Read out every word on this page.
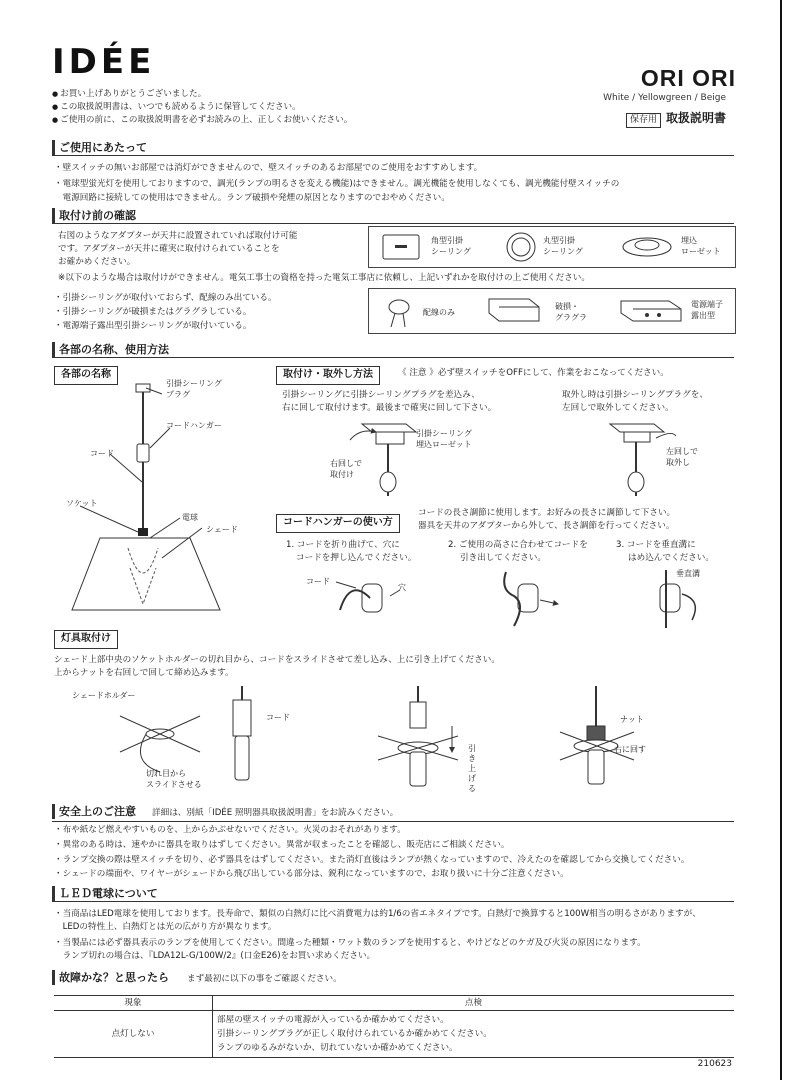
IDÉE	ORI ORI
White / Yellowgreen / Beige
保存用 取扱説明書
● お買い上げありがとうございました。
● この取扱説明書は、いつでも読めるように保管してください。
● ご使用の前に、この取扱説明書を必ずお読みの上、正しくお使いください。
ご使用にあたって
・壁スイッチの無いお部屋では消灯ができませんので、壁スイッチのあるお部屋でのご使用をおすすめします。
・電球型蛍光灯を使用しておりますので、調光(ランプの明るさを変える機能)はできません。調光機能を使用しなくても、調光機能付壁スイッチの
　電源回路に接続しての使用はできません。ランプ破損や発煙の原因となりますのでおやめください。
取付け前の確認
右図のようなアダプターが天井に設置されていれば取付け可能
です。アダプターが天井に確実に取付けられていることを
お確かめください。
角型引掛
シーリング
丸型引掛
シーリング
埋込
ローゼット
※以下のような場合は取付けができません。電気工事士の資格を持った電気工事店に依頼し、上記いずれかを取付けの上ご使用ください。
・引掛シーリングが取付いておらず、配線のみ出ている。
・引掛シーリングが破損またはグラグラしている。
・電源端子露出型引掛シーリングが取付いている。
配線のみ
破損・
グラグラ
電源端子
露出型
各部の名称、使用方法
各部の名称
引掛シーリング
プラグ
コードハンガー
コード
ソケット
電球
シェード
取付け・取外し方法	《 注意 》必ず壁スイッチをOFFにして、作業をおこなってください。
引掛シーリングに引掛シーリングプラグを差込み、
右に回して取付けます。最後まで確実に回して下さい。
取外し時は引掛シーリングプラグを、
左回しで取外してください。
引掛シーリング
埋込ローゼット
右回しで
取付け
左回しで
取外し
コードハンガーの使い方
コードの長さ調節に使用します。お好みの長さに調節して下さい。
器具を天井のアダプターから外して、長さ調節を行ってください。
1. コードを折り曲げて、穴に
コードを押し込んでください。
2. ご使用の高さに合わせてコードを
引き出してください。
3. コードを垂直溝に
はめ込んでください。
コード
穴
垂直溝
灯具取付け
シェード上部中央のソケットホルダーの切れ目から、コードをスライドさせて差し込み、上に引き上げてください。
上からナットを右回しで回して締め込みます。
シェードホルダー
コード
切れ目から
スライドさせる
引
き
上
げ
る
ナット
右に回す
安全上のご注意 詳細は、別紙「IDÉE 照明器具取扱説明書」をお読みください。
・布や紙など燃えやすいものを、上からかぶせないでください。火災のおそれがあります。
・異常のある時は、速やかに器具を取りはずしてください。異常が収まったことを確認し、販売店にご相談ください。
・ランプ交換の際は壁スイッチを切り、必ず器具をはずしてください。また消灯直後はランプが熱くなっていますので、冷えたのを確認してから交換してください。
・シェードの端面や、ワイヤーがシェードから飛び出している部分は、鋭利になっていますので、お取り扱いに十分ご注意ください。
ＬＥＤ電球について
・当商品はLED電球を使用しております。長寿命で、類似の白熱灯に比べ消費電力は約1/6の省エネタイプです。白熱灯で換算すると100W相当の明るさがありますが、
　LEDの特性上、白熱灯とは光の広がり方が異なります。
・当製品には必ず器具表示のランプを使用してください。間違った種類・ワット数のランプを使用すると、やけどなどのケガ及び火災の原因になります。
　ランプ切れの場合は、『LDA12L-G/100W/2』(口金E26)をお買い求めください。
故障かな？と思ったら まず最初に以下の事をご確認ください。
現象	点検
点灯しない	部屋の壁スイッチの電源が入っているか確かめてください。
引掛シーリングプラグが正しく取付けられているか確かめてください。
ランプのゆるみがないか、切れていないか確かめてください。
210623
